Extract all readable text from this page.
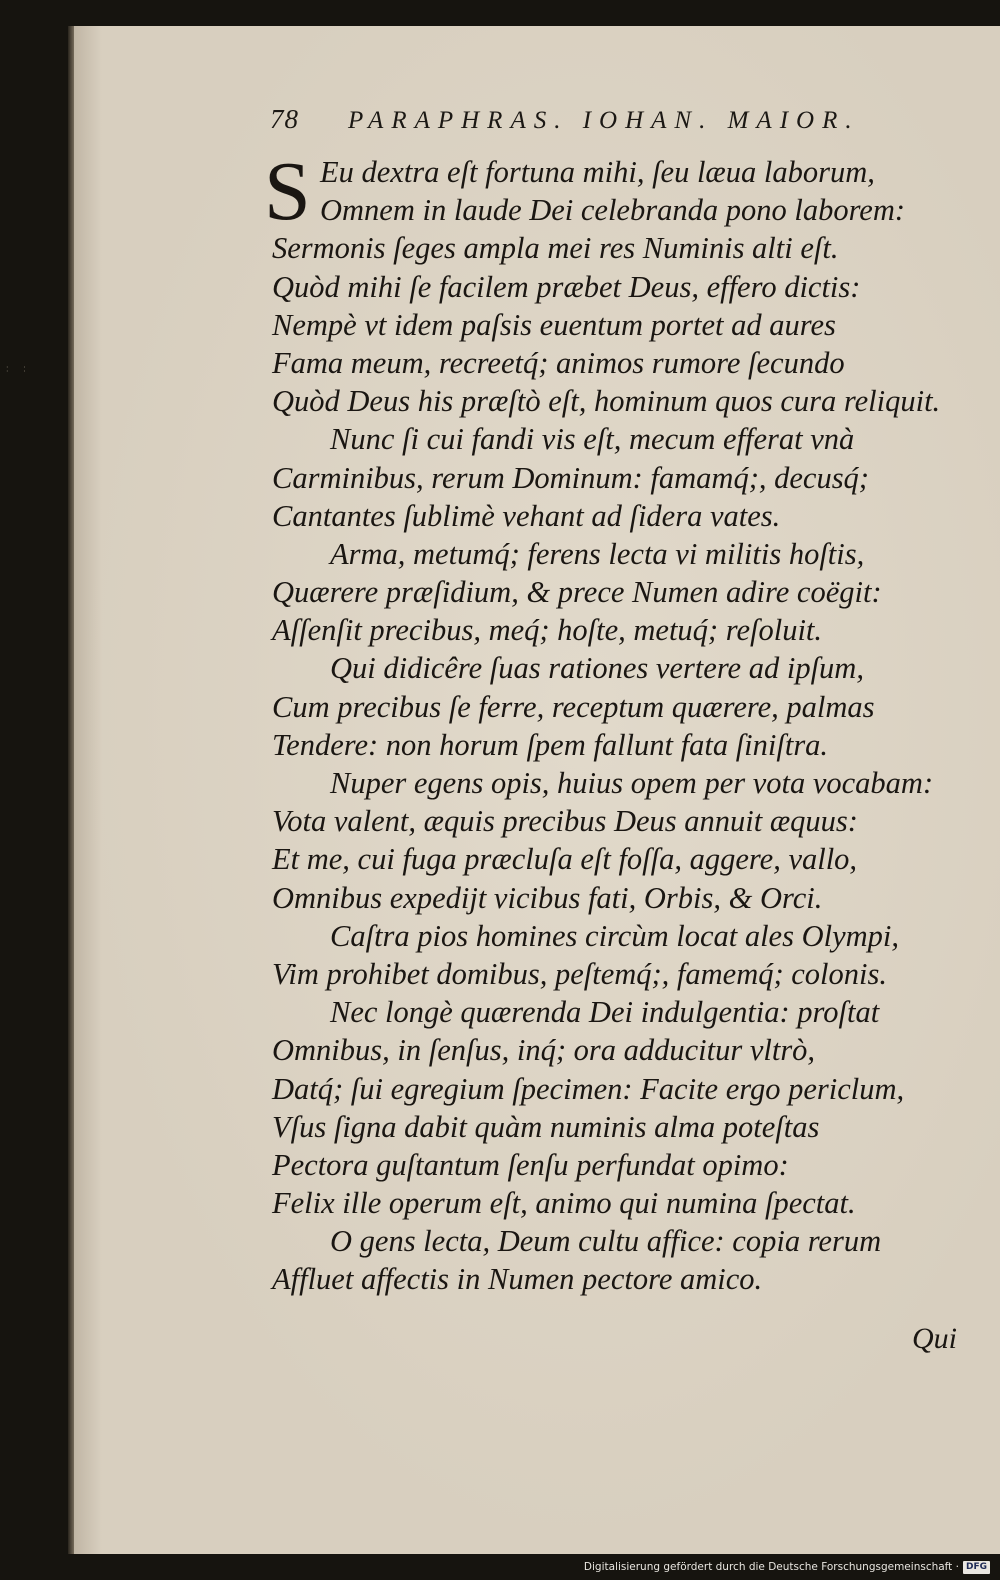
· · · ·
78	PARAPHRAS. IOHAN. MAIOR.
S Eu dextra eſt fortuna mihi, ſeu læua laborum,
Omnem in laude Dei celebranda pono laborem:
Sermonis ſeges ampla mei res Numinis alti eſt.
Quòd mihi ſe facilem præbet Deus, effero dictis:
Nempè vt idem paſsis euentum portet ad aures
Fama meum, recreetq́; animos rumore ſecundo
Quòd Deus his præſtò eſt, hominum quos cura reliquit.
Nunc ſi cui fandi vis eſt, mecum efferat vnà
Carminibus, rerum Dominum: famamq́;, decusq́;
Cantantes ſublimè vehant ad ſidera vates.
Arma, metumq́; ferens lecta vi militis hoſtis,
Quærere præſidium, & prece Numen adire coëgit:
Aſſenſit precibus, meq́; hoſte, metuq́; reſoluit.
Qui didicêre ſuas rationes vertere ad ipſum,
Cum precibus ſe ferre, receptum quærere, palmas
Tendere: non horum ſpem fallunt fata ſiniſtra.
Nuper egens opis, huius opem per vota vocabam:
Vota valent, æquis precibus Deus annuit æquus:
Et me, cui fuga præcluſa eſt foſſa, aggere, vallo,
Omnibus expedijt vicibus fati, Orbis, & Orci.
Caſtra pios homines circùm locat ales Olympi,
Vim prohibet domibus, peſtemq́;, famemq́; colonis.
Nec longè quærenda Dei indulgentia: proſtat
Omnibus, in ſenſus, inq́; ora adducitur vltrò,
Datq́; ſui egregium ſpecimen: Facite ergo periclum,
Vſus ſigna dabit quàm numinis alma poteſtas
Pectora guſtantum ſenſu perfundat opimo:
Felix ille operum eſt, animo qui numina ſpectat.
O gens lecta, Deum cultu affice: copia rerum
Affluet affectis in Numen pectore amico.
Qui
Digitalisierung gefördert durch die Deutsche Forschungsgemeinschaft · DFG
